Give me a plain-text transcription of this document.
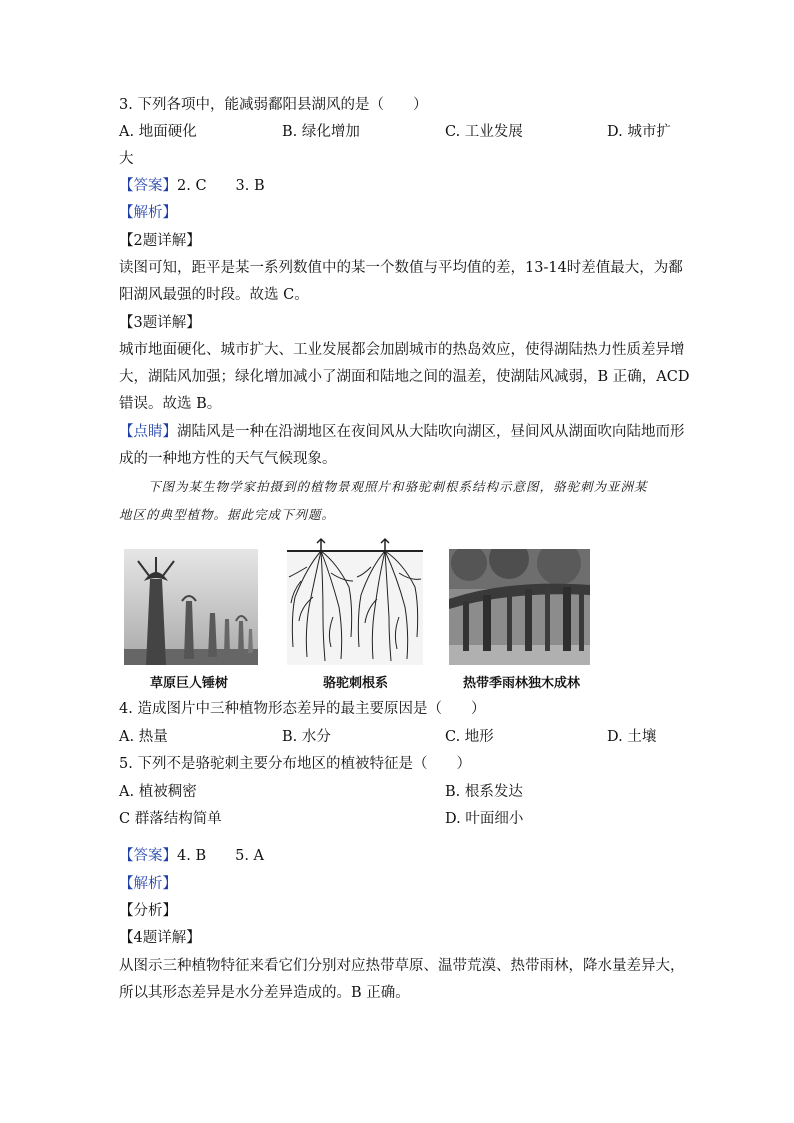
3. 下列各项中，能减弱鄱阳县湖风的是（　　）
A. 地面硬化	B. 绿化增加	C. 工业发展	D. 城市扩
大
【答案】2. C　　3. B
【解析】
【2题详解】
读图可知，距平是某一系列数值中的某一个数值与平均值的差，13-14时差值最大，为鄱
阳湖风最强的时段。故选 C。
【3题详解】
城市地面硬化、城市扩大、工业发展都会加剧城市的热岛效应，使得湖陆热力性质差异增
大，湖陆风加强；绿化增加减小了湖面和陆地之间的温差，使湖陆风减弱，B 正确，ACD
错误。故选 B。
【点睛】湖陆风是一种在沿湖地区在夜间风从大陆吹向湖区，昼间风从湖面吹向陆地而形
成的一种地方性的天气气候现象。
下图为某生物学家拍摄到的植物景观照片和骆驼刺根系结构示意图，骆驼刺为亚洲某
地区的典型植物。据此完成下列题。
草原巨人锤树	骆驼刺根系	热带季雨林独木成林
4. 造成图片中三种植物形态差异的最主要原因是（　　）
A. 热量	B. 水分	C. 地形	D. 土壤
5. 下列不是骆驼刺主要分布地区的植被特征是（　　）
A. 植被稠密	B. 根系发达
C 群落结构简单	D. 叶面细小
【答案】4. B　　5. A
【解析】
【分析】
【4题详解】
从图示三种植物特征来看它们分别对应热带草原、温带荒漠、热带雨林，降水量差异大，
所以其形态差异是水分差异造成的。B 正确。
